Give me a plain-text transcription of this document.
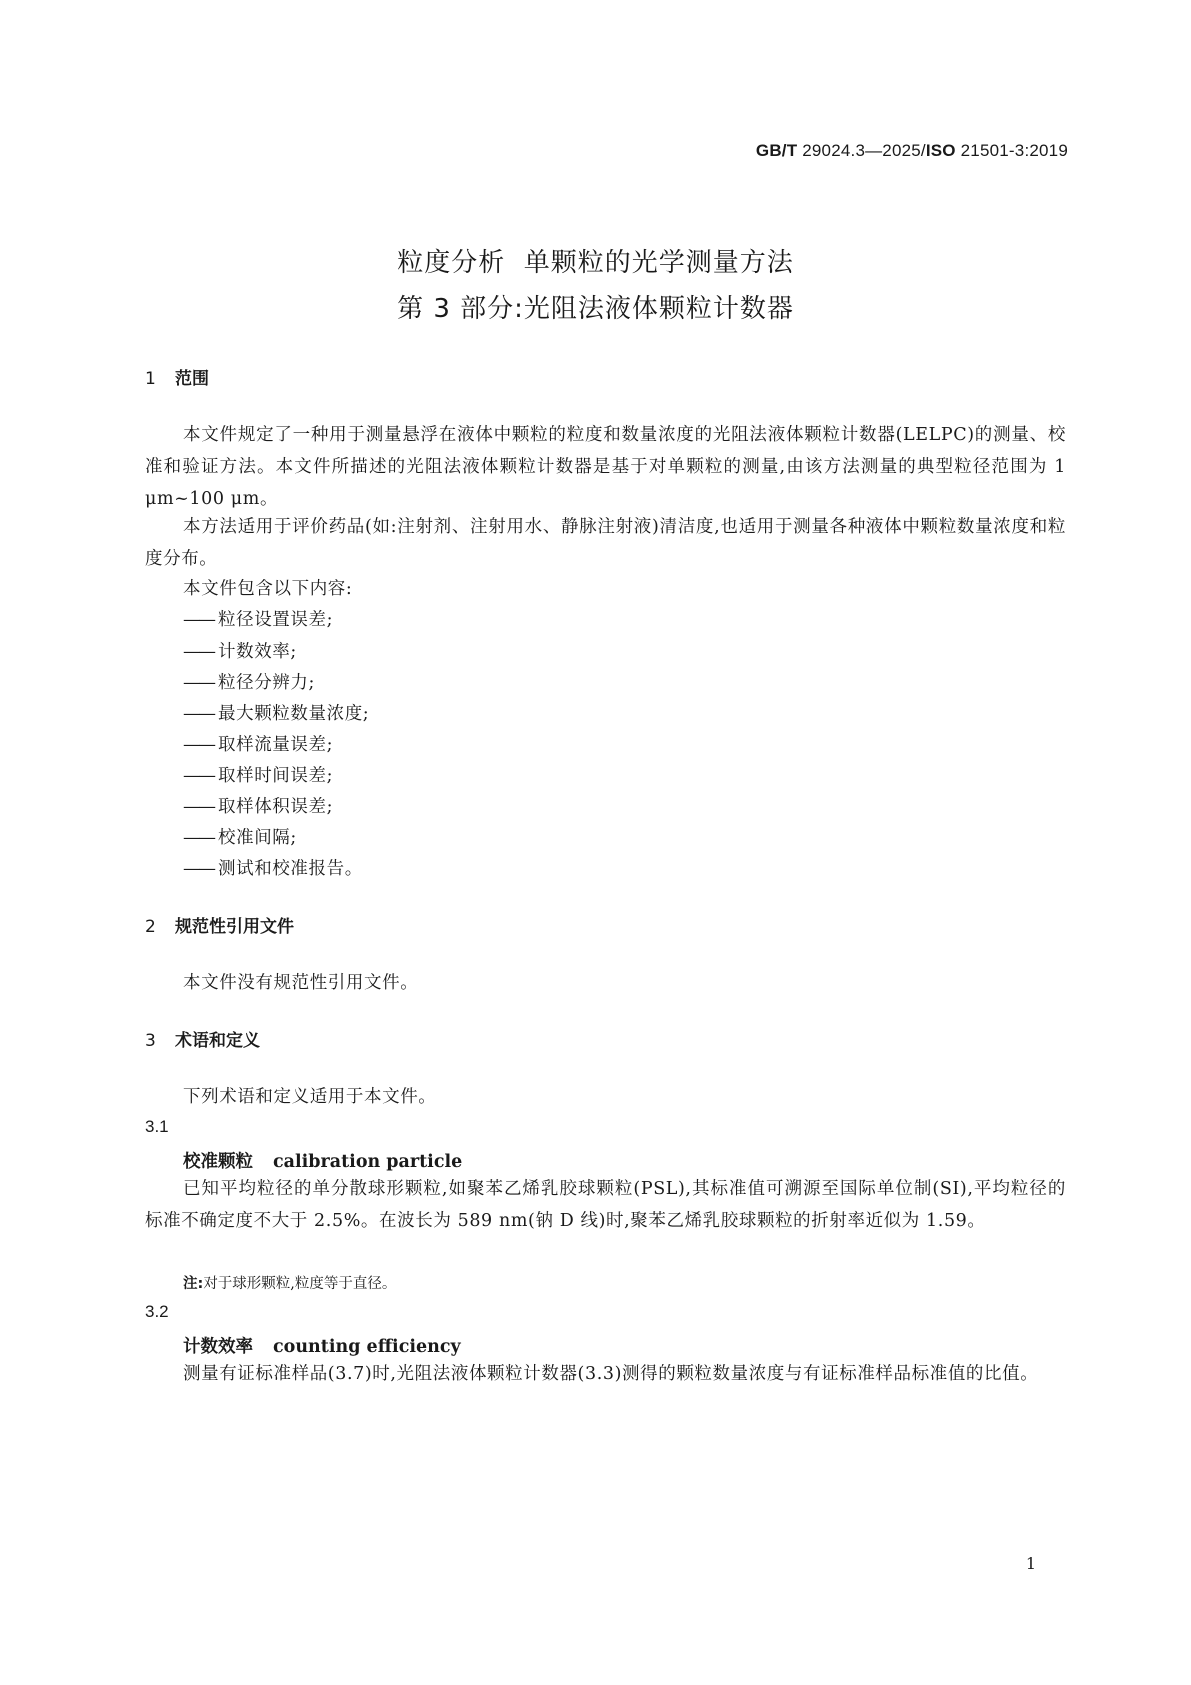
GB/T 29024.3—2025/ISO 21501-3:2019
粒度分析  单颗粒的光学测量方法
第 3 部分:光阻法液体颗粒计数器
1 范围
本文件规定了一种用于测量悬浮在液体中颗粒的粒度和数量浓度的光阻法液体颗粒计数器(LELPC)的测量、校准和验证方法。本文件所描述的光阻法液体颗粒计数器是基于对单颗粒的测量,由该方法测量的典型粒径范围为 1 μm~100 μm。
本方法适用于评价药品(如:注射剂、注射用水、静脉注射液)清洁度,也适用于测量各种液体中颗粒数量浓度和粒度分布。
本文件包含以下内容:
—— 粒径设置误差;
—— 计数效率;
—— 粒径分辨力;
—— 最大颗粒数量浓度;
—— 取样流量误差;
—— 取样时间误差;
—— 取样体积误差;
—— 校准间隔;
—— 测试和校准报告。
2 规范性引用文件
本文件没有规范性引用文件。
3 术语和定义
下列术语和定义适用于本文件。
3.1
校准颗粒 calibration particle
已知平均粒径的单分散球形颗粒,如聚苯乙烯乳胶球颗粒(PSL),其标准值可溯源至国际单位制(SI),平均粒径的标准不确定度不大于 2.5%。在波长为 589 nm(钠 D 线)时,聚苯乙烯乳胶球颗粒的折射率近似为 1.59。
注:对于球形颗粒,粒度等于直径。
3.2
计数效率 counting efficiency
测量有证标准样品(3.7)时,光阻法液体颗粒计数器(3.3)测得的颗粒数量浓度与有证标准样品标准值的比值。
1
